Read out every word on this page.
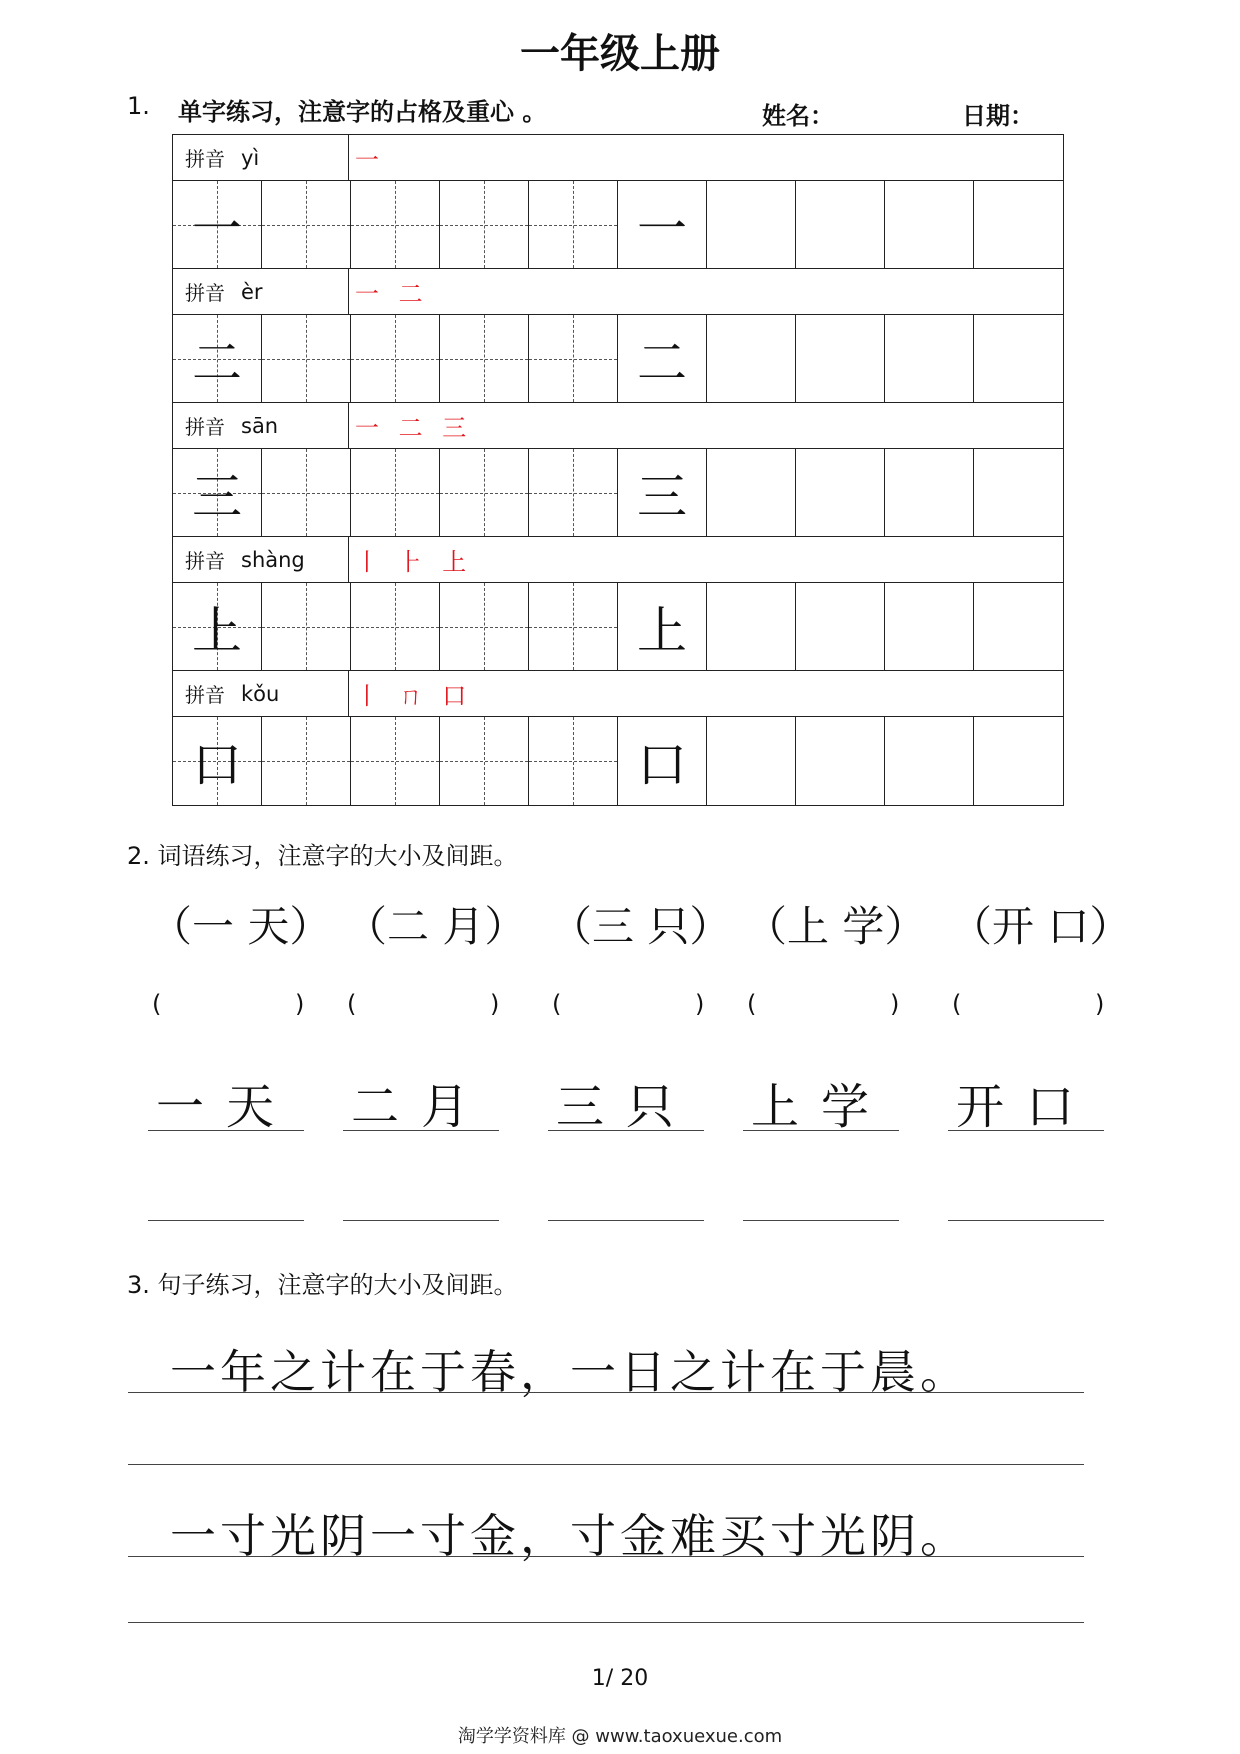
一年级上册
1. 单字练习，注意字的占格及重心 。	姓名：	日期：
拼音 yì	一
一	一
拼音 èr	一 二
二	二
拼音 sān	一 二 三
三	三
拼音 shàng 丨 ⺊ 上
上	上
拼音 kǒu	丨 ㄇ 口
口	口
2. 词语练习，注意字的大小及间距。
（一 天）
(	)
一天
（二 月）
(	)
二月
（三 只）
(	)
三只
（上 学）
(	)
上学
（开 口）
(	)
开口
3. 句子练习，注意字的大小及间距。
一年之计在于春，一日之计在于晨。
一寸光阴一寸金，寸金难买寸光阴。
1/ 20
淘学学资料库 @ www.taoxuexue.com
